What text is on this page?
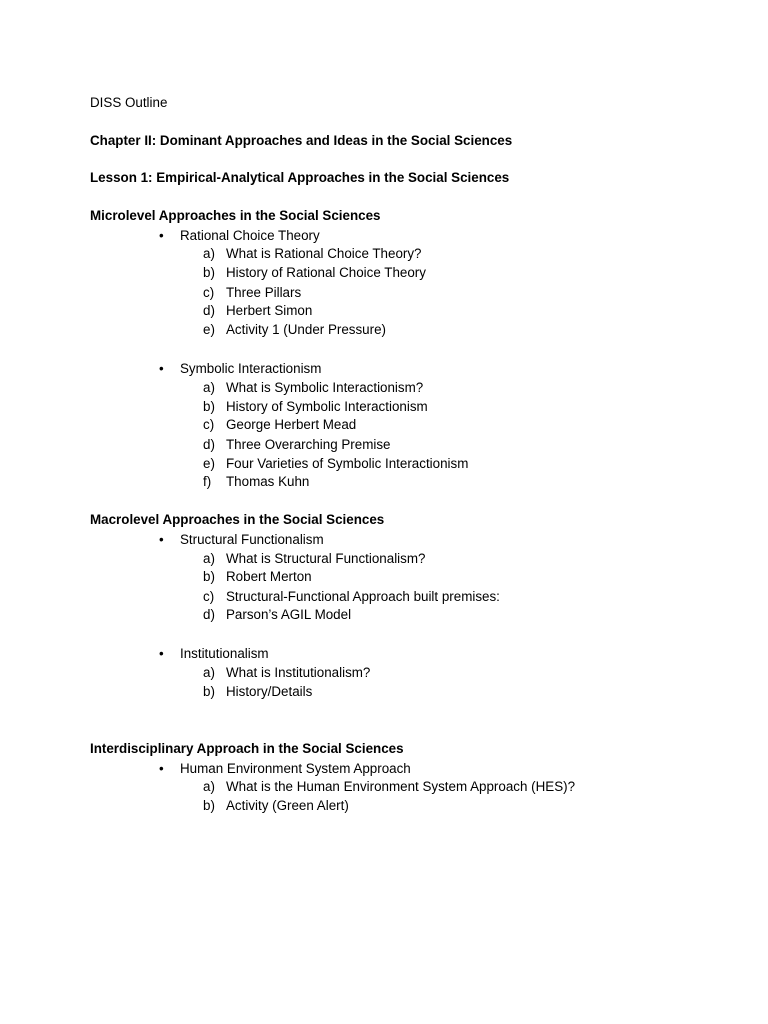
DISS Outline
Chapter II: Dominant Approaches and Ideas in the Social Sciences
Lesson 1: Empirical-Analytical Approaches in the Social Sciences
Microlevel Approaches in the Social Sciences
• Rational Choice Theory
a) What is Rational Choice Theory?
b) History of Rational Choice Theory
c) Three Pillars
d) Herbert Simon
e) Activity 1 (Under Pressure)
• Symbolic Interactionism
a) What is Symbolic Interactionism?
b) History of Symbolic Interactionism
c) George Herbert Mead
d) Three Overarching Premise
e) Four Varieties of Symbolic Interactionism
f) Thomas Kuhn
Macrolevel Approaches in the Social Sciences
• Structural Functionalism
a) What is Structural Functionalism?
b) Robert Merton
c) Structural-Functional Approach built premises:
d) Parson’s AGIL Model
• Institutionalism
a) What is Institutionalism?
b) History/Details
Interdisciplinary Approach in the Social Sciences
• Human Environment System Approach
a) What is the Human Environment System Approach (HES)?
b) Activity (Green Alert)
